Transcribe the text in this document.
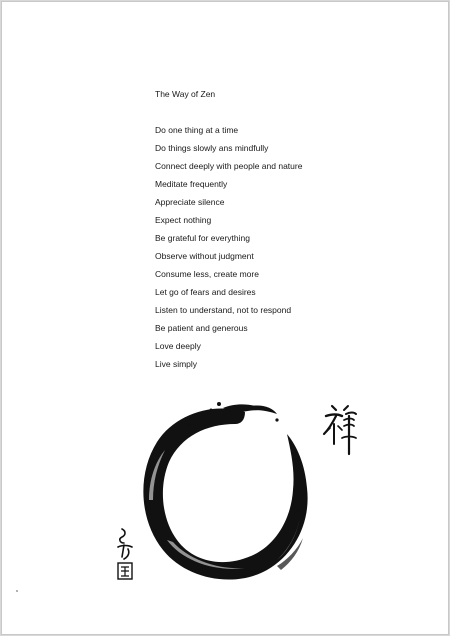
The Way of Zen
Do one thing at a time
Do things slowly ans mindfully
Connect deeply with people and nature
Meditate frequently
Appreciate silence
Expect nothing
Be grateful for everything
Observe without judgment
Consume less, create more
Let go of fears and desires
Listen to understand, not to respond
Be patient and generous
Love deeply
Live simply
